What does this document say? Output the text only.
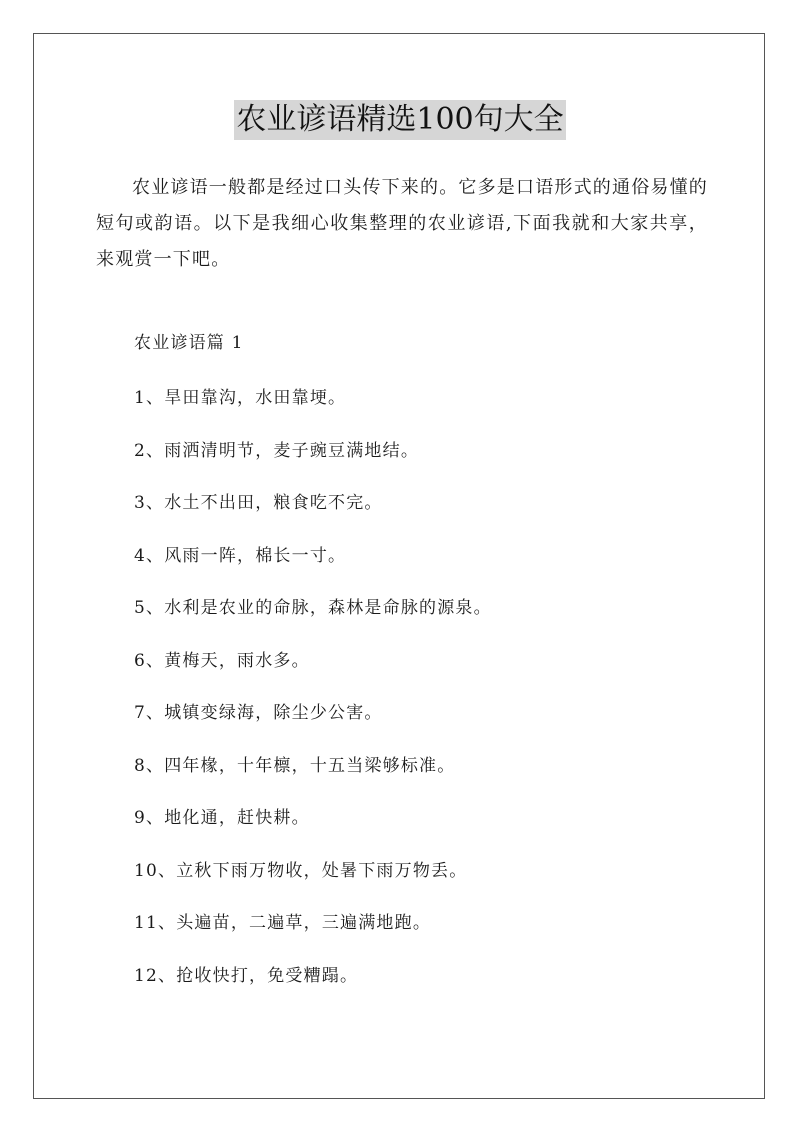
农业谚语精选100句大全

农业谚语一般都是经过口头传下来的。它多是口语形式的通俗易懂的短句或韵语。以下是我细心收集整理的农业谚语,下面我就和大家共享，来观赏一下吧。

农业谚语篇 1
1、旱田靠沟，水田靠埂。
2、雨洒清明节，麦子豌豆满地结。
3、水土不出田，粮食吃不完。
4、风雨一阵，棉长一寸。
5、水利是农业的命脉，森林是命脉的源泉。
6、黄梅天，雨水多。
7、城镇变绿海，除尘少公害。
8、四年椽，十年檩，十五当梁够标准。
9、地化通，赶快耕。
10、立秋下雨万物收，处暑下雨万物丢。
11、头遍苗，二遍草，三遍满地跑。
12、抢收快打，免受糟蹋。
